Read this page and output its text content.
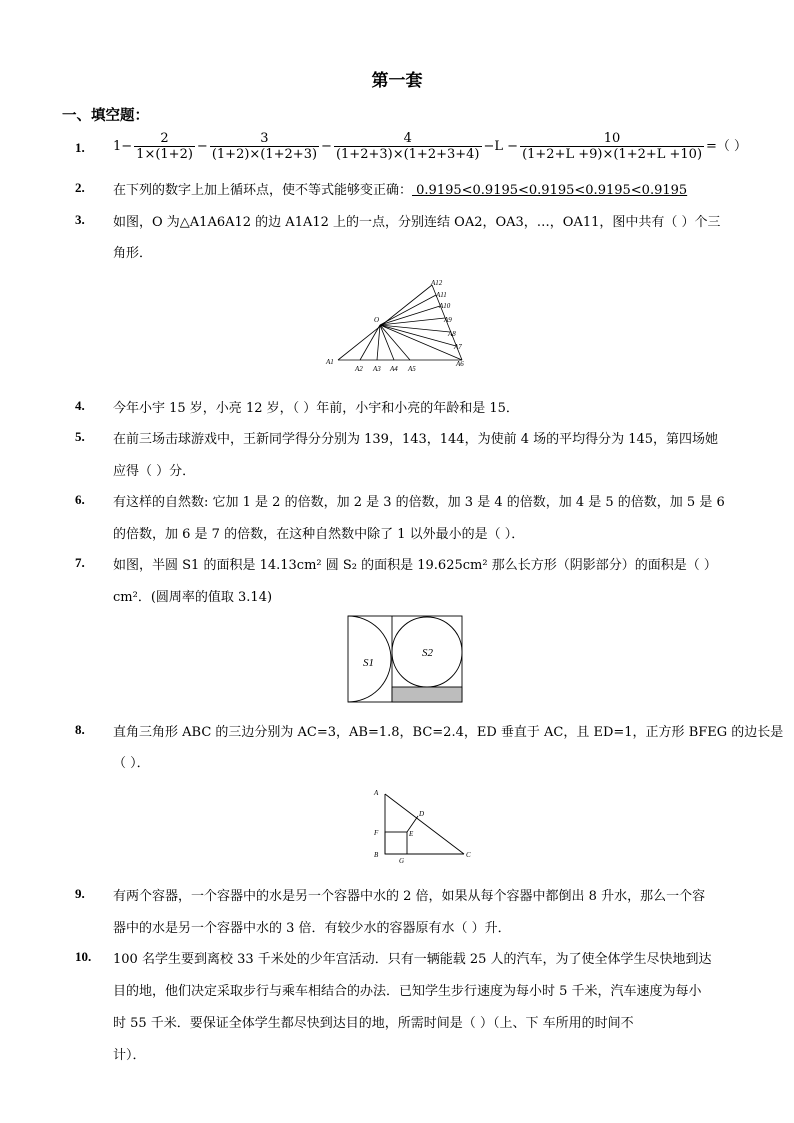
第一套
一、填空题：
1. $1- \frac{2}{1\times(1+2)} - \frac{3}{(1+2)\times(1+2+3)} - \frac{4}{(1+2+3)\times(1+2+3+4)} -L - \frac{10}{(1+2+L +9)\times(1+2+L +10)}$ =（ ）
2. 在下列的数字上加上循环点，使不等式能够变正确： 0.9195<0.9195<0.9195<0.9195<0.9195
3. 如图，O 为△A1A6A12 的边 A1A12 上的一点，分别连结 OA2，OA3，…，OA11，图中共有（ ）个三
角形．
A1
A2 A3 A4 A5
A6
A7
A8
A9
A10
A11
A12
O
4. 今年小宇 15 岁，小亮 12 岁，（ ）年前，小宇和小亮的年龄和是 15．
5. 在前三场击球游戏中，王新同学得分分别为 139，143，144，为使前 4 场的平均得分为 145，第四场她
应得（ ）分．
6. 有这样的自然数: 它加 1 是 2 的倍数，加 2 是 3 的倍数，加 3 是 4 的倍数，加 4 是 5 的倍数，加 5 是 6
的倍数，加 6 是 7 的倍数，在这种自然数中除了 1 以外最小的是（ ）．
7. 如图，半圆 S1 的面积是 14.13cm² 圆 S₂ 的面积是 19.625cm² 那么长方形（阴影部分）的面积是（ ）
cm²．(圆周率的值取 3.14)
S1
S2
8. 直角三角形 ABC 的三边分别为 AC=3，AB=1.8，BC=2.4，ED 垂直于 AC，且 ED=1，正方形 BFEG 的边长是
（ ）．
A
B	C
D
E
F
G
9. 有两个容器，一个容器中的水是另一个容器中水的 2 倍，如果从每个容器中都倒出 8 升水，那么一个容
器中的水是另一个容器中水的 3 倍．有较少水的容器原有水（ ）升．
10. 100 名学生要到离校 33 千米处的少年宫活动．只有一辆能载 25 人的汽车，为了使全体学生尽快地到达
目的地，他们决定采取步行与乘车相结合的办法．已知学生步行速度为每小时 5 千米，汽车速度为每小
时 55 千米．要保证全体学生都尽快到达目的地，所需时间是（ ）（上、下 车所用的时间不
计）．
